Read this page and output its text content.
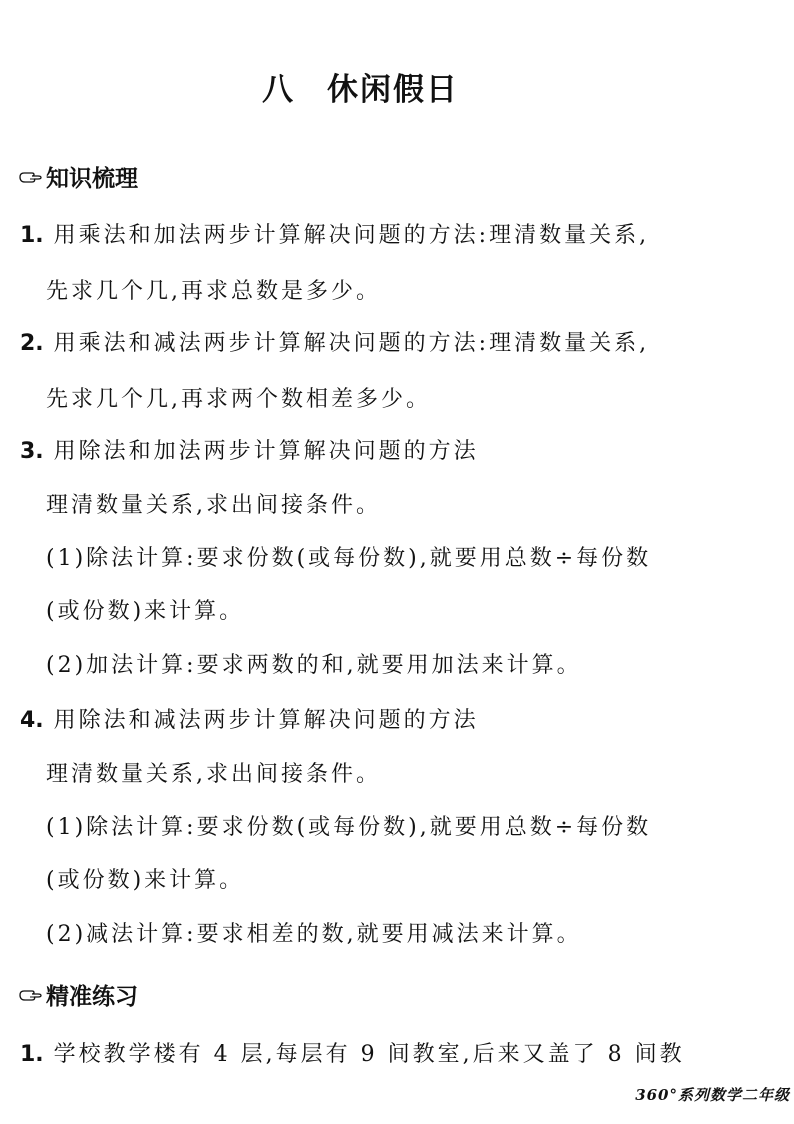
八 休闲假日
知识梳理
1. 用乘法和加法两步计算解决问题的方法:理清数量关系,
先求几个几,再求总数是多少。
2. 用乘法和减法两步计算解决问题的方法:理清数量关系,
先求几个几,再求两个数相差多少。
3. 用除法和加法两步计算解决问题的方法
理清数量关系,求出间接条件。
(1)除法计算:要求份数(或每份数),就要用总数÷每份数
(或份数)来计算。
(2)加法计算:要求两数的和,就要用加法来计算。
4. 用除法和减法两步计算解决问题的方法
理清数量关系,求出间接条件。
(1)除法计算:要求份数(或每份数),就要用总数÷每份数
(或份数)来计算。
(2)减法计算:要求相差的数,就要用减法来计算。
精准练习
1. 学校教学楼有 4 层,每层有 9 间教室,后来又盖了 8 间教
360°系列数学二年级
